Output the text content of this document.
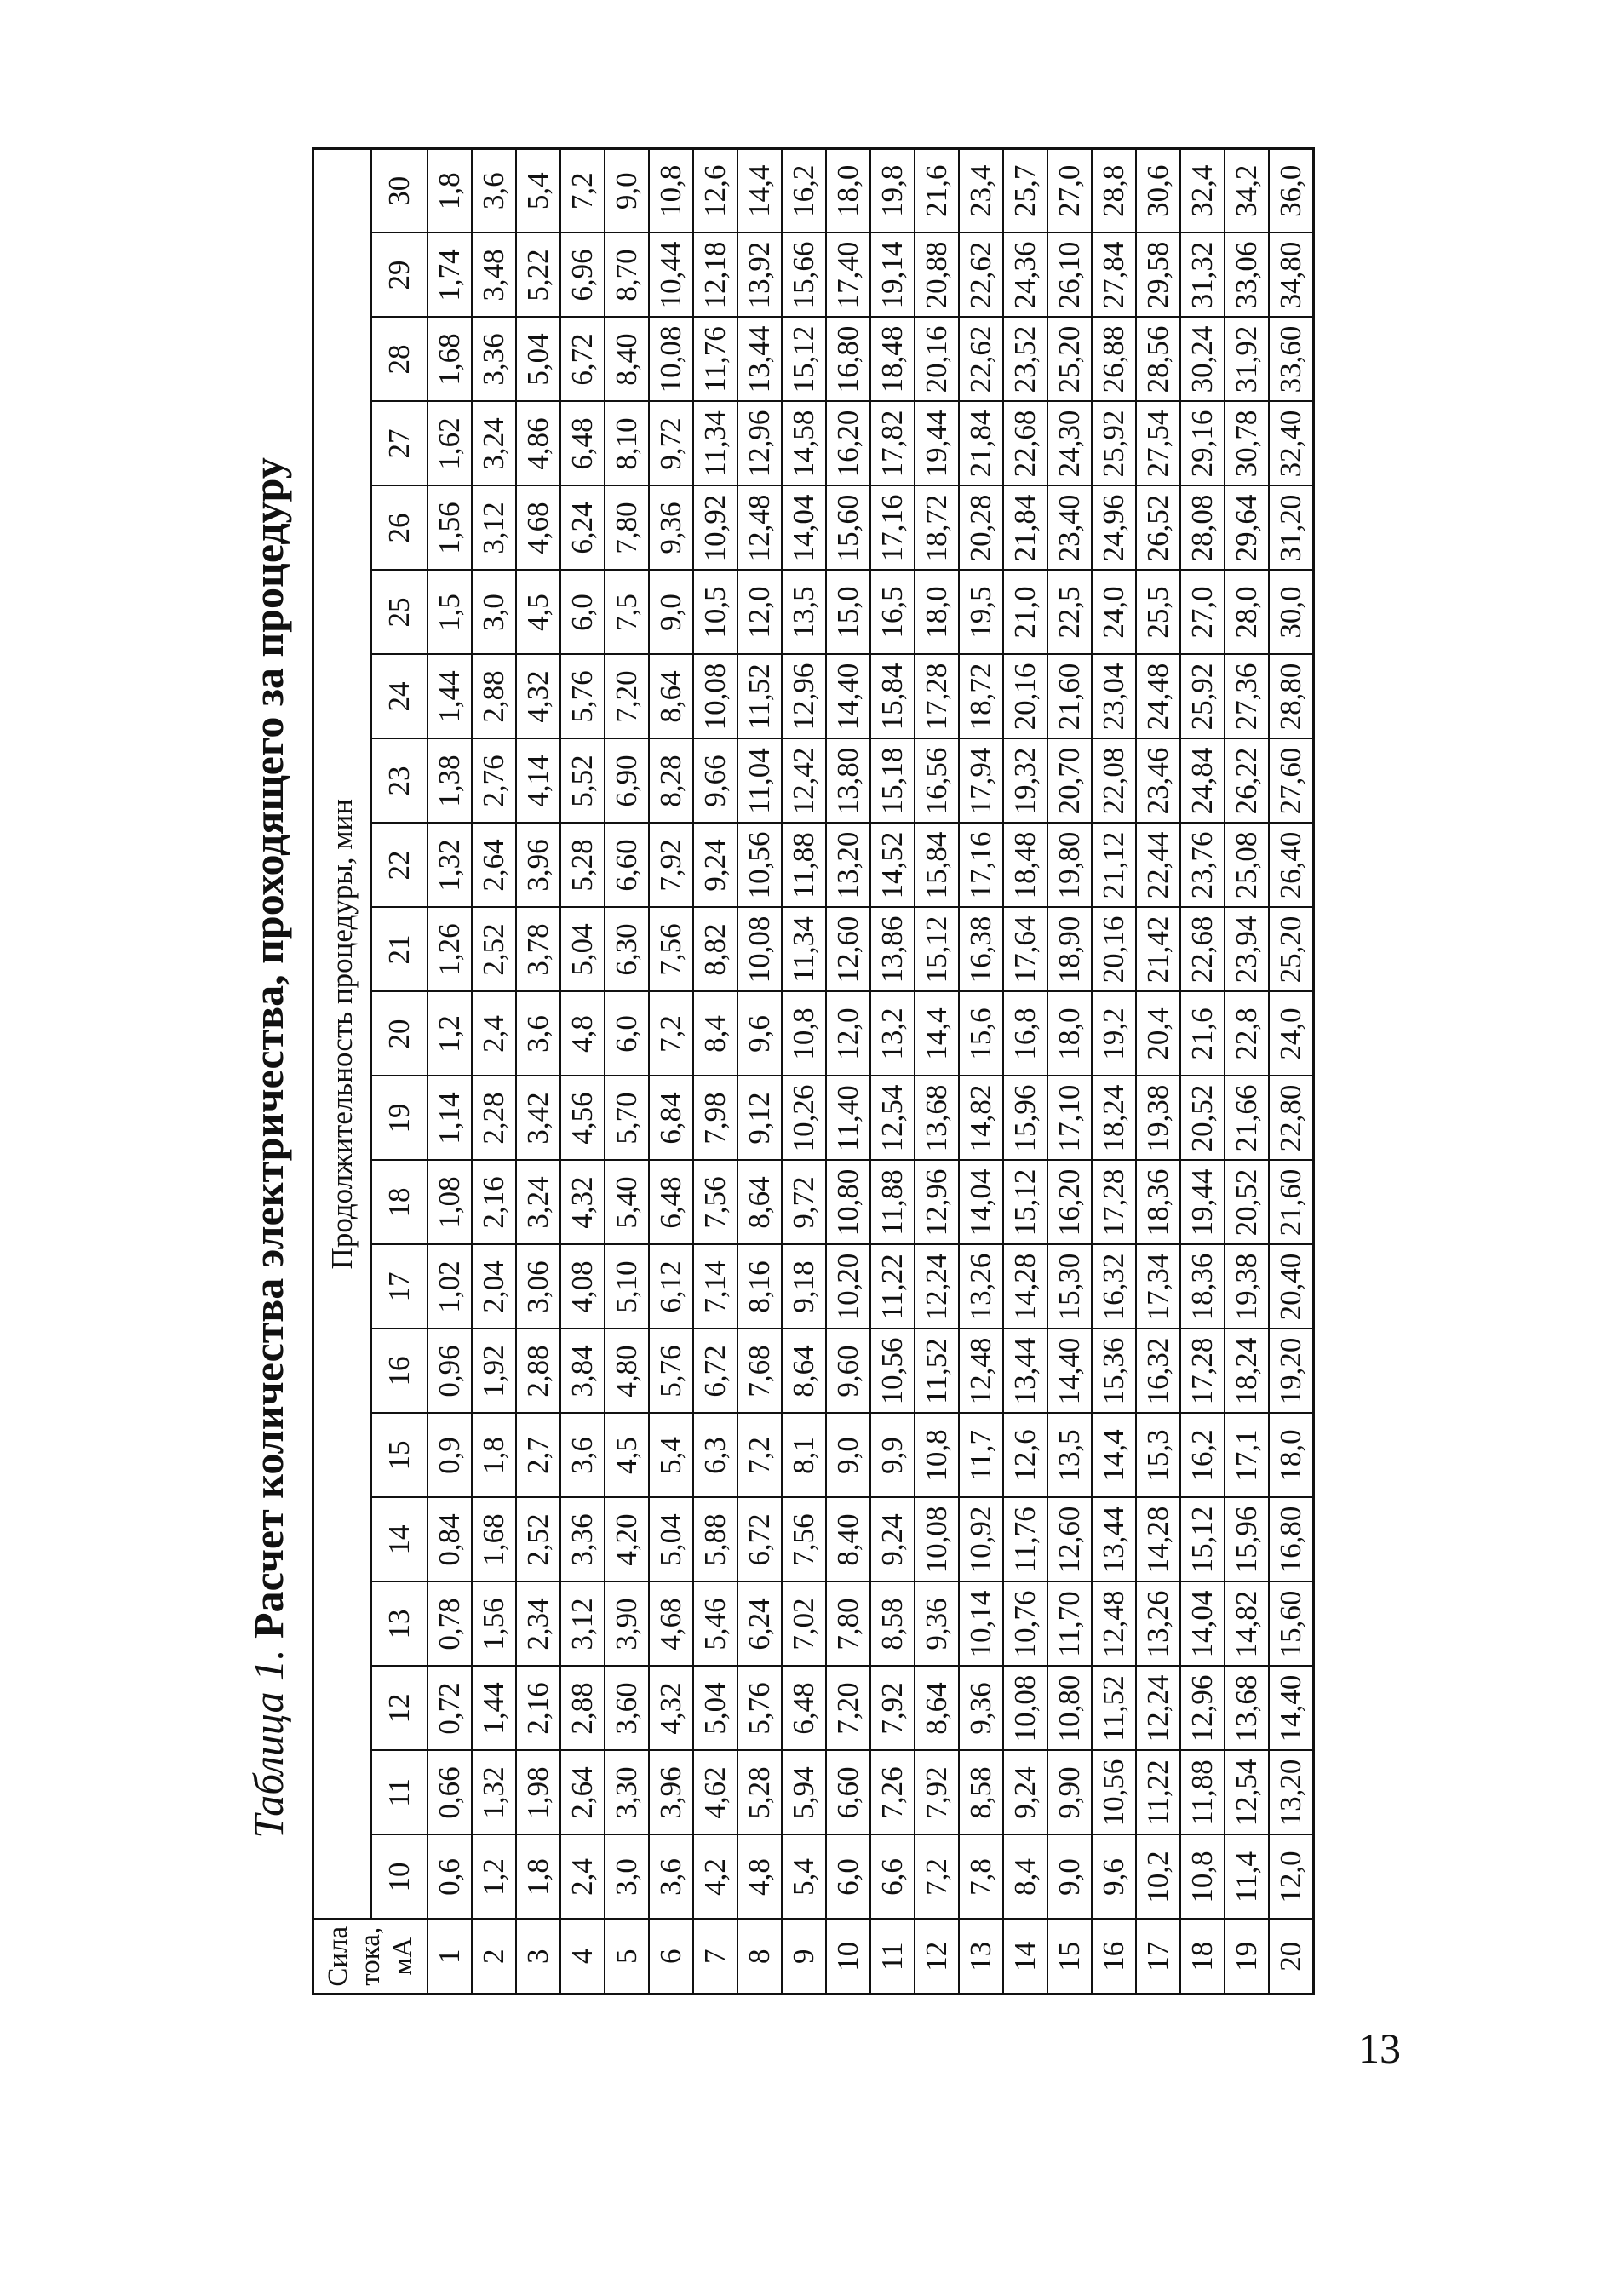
Таблица 1. Расчет количества электричества, проходящего за процедуру
Сила тока, мА	Продолжительность процедуры, мин																				
	10	11	12	13	14	15	16	17	18	19	20	21	22	23	24	25	26	27	28	29	30
1	0,6	0,66	0,72	0,78	0,84	0,9	0,96	1,02	1,08	1,14	1,2	1,26	1,32	1,38	1,44	1,5	1,56	1,62	1,68	1,74	1,8
2	1,2	1,32	1,44	1,56	1,68	1,8	1,92	2,04	2,16	2,28	2,4	2,52	2,64	2,76	2,88	3,0	3,12	3,24	3,36	3,48	3,6
3	1,8	1,98	2,16	2,34	2,52	2,7	2,88	3,06	3,24	3,42	3,6	3,78	3,96	4,14	4,32	4,5	4,68	4,86	5,04	5,22	5,4
4	2,4	2,64	2,88	3,12	3,36	3,6	3,84	4,08	4,32	4,56	4,8	5,04	5,28	5,52	5,76	6,0	6,24	6,48	6,72	6,96	7,2
5	3,0	3,30	3,60	3,90	4,20	4,5	4,80	5,10	5,40	5,70	6,0	6,30	6,60	6,90	7,20	7,5	7,80	8,10	8,40	8,70	9,0
6	3,6	3,96	4,32	4,68	5,04	5,4	5,76	6,12	6,48	6,84	7,2	7,56	7,92	8,28	8,64	9,0	9,36	9,72	10,08	10,44	10,8
7	4,2	4,62	5,04	5,46	5,88	6,3	6,72	7,14	7,56	7,98	8,4	8,82	9,24	9,66	10,08	10,5	10,92	11,34	11,76	12,18	12,6
8	4,8	5,28	5,76	6,24	6,72	7,2	7,68	8,16	8,64	9,12	9,6	10,08	10,56	11,04	11,52	12,0	12,48	12,96	13,44	13,92	14,4
9	5,4	5,94	6,48	7,02	7,56	8,1	8,64	9,18	9,72	10,26	10,8	11,34	11,88	12,42	12,96	13,5	14,04	14,58	15,12	15,66	16,2
10	6,0	6,60	7,20	7,80	8,40	9,0	9,60	10,20	10,80	11,40	12,0	12,60	13,20	13,80	14,40	15,0	15,60	16,20	16,80	17,40	18,0
11	6,6	7,26	7,92	8,58	9,24	9,9	10,56	11,22	11,88	12,54	13,2	13,86	14,52	15,18	15,84	16,5	17,16	17,82	18,48	19,14	19,8
12	7,2	7,92	8,64	9,36	10,08	10,8	11,52	12,24	12,96	13,68	14,4	15,12	15,84	16,56	17,28	18,0	18,72	19,44	20,16	20,88	21,6
13	7,8	8,58	9,36	10,14	10,92	11,7	12,48	13,26	14,04	14,82	15,6	16,38	17,16	17,94	18,72	19,5	20,28	21,84	22,62	22,62	23,4
14	8,4	9,24	10,08	10,76	11,76	12,6	13,44	14,28	15,12	15,96	16,8	17,64	18,48	19,32	20,16	21,0	21,84	22,68	23,52	24,36	25,7
15	9,0	9,90	10,80	11,70	12,60	13,5	14,40	15,30	16,20	17,10	18,0	18,90	19,80	20,70	21,60	22,5	23,40	24,30	25,20	26,10	27,0
16	9,6	10,56	11,52	12,48	13,44	14,4	15,36	16,32	17,28	18,24	19,2	20,16	21,12	22,08	23,04	24,0	24,96	25,92	26,88	27,84	28,8
17	10,2	11,22	12,24	13,26	14,28	15,3	16,32	17,34	18,36	19,38	20,4	21,42	22,44	23,46	24,48	25,5	26,52	27,54	28,56	29,58	30,6
18	10,8	11,88	12,96	14,04	15,12	16,2	17,28	18,36	19,44	20,52	21,6	22,68	23,76	24,84	25,92	27,0	28,08	29,16	30,24	31,32	32,4
19	11,4	12,54	13,68	14,82	15,96	17,1	18,24	19,38	20,52	21,66	22,8	23,94	25,08	26,22	27,36	28,0	29,64	30,78	31,92	33,06	34,2
20	12,0	13,20	14,40	15,60	16,80	18,0	19,20	20,40	21,60	22,80	24,0	25,20	26,40	27,60	28,80	30,0	31,20	32,40	33,60	34,80	36,0
13
